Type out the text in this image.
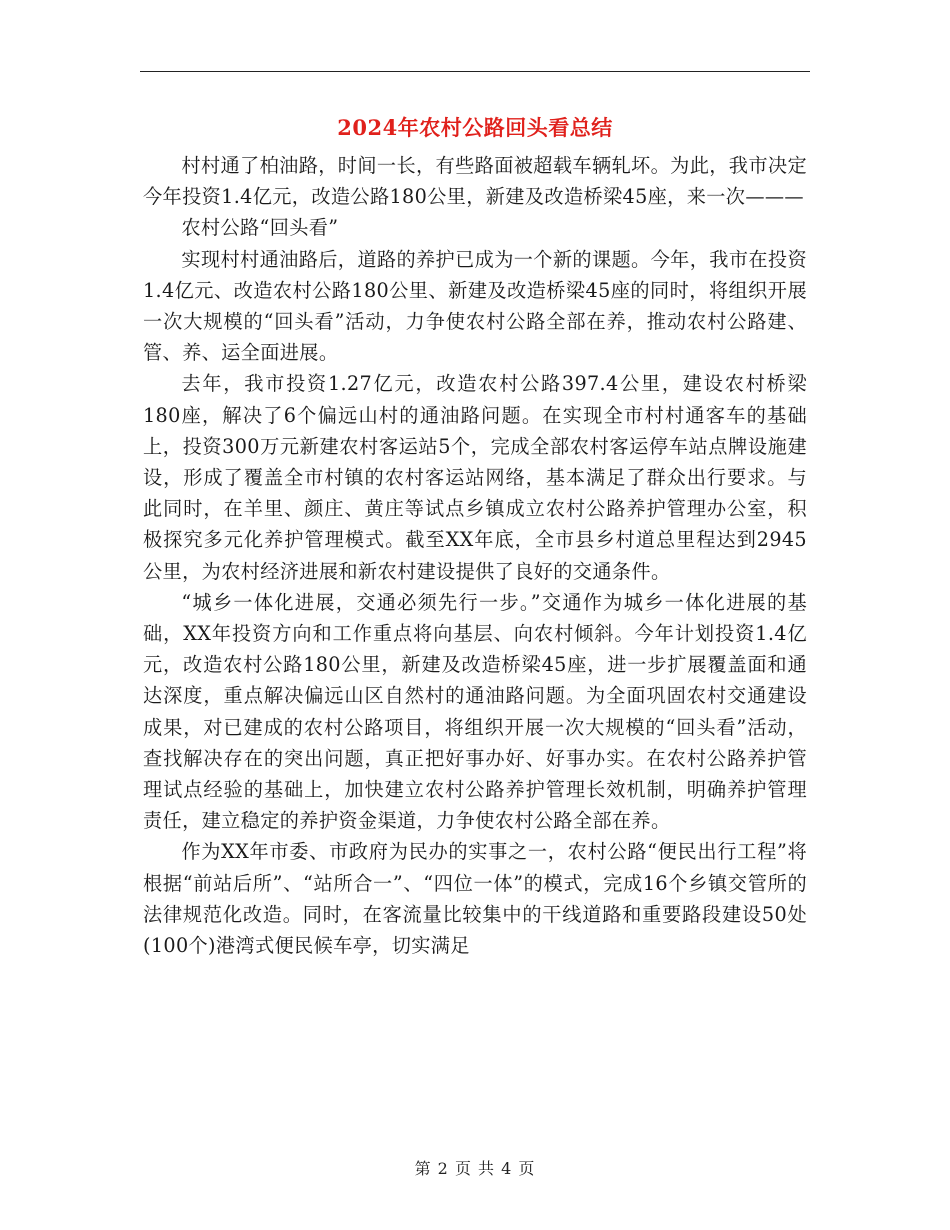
2024年农村公路回头看总结

村村通了柏油路，时间一长，有些路面被超载车辆轧坏。为此，我市决定今年投资1.4亿元，改造公路180公里，新建及改造桥梁45座，来一次———

农村公路“回头看”

实现村村通油路后，道路的养护已成为一个新的课题。今年，我市在投资1.4亿元、改造农村公路180公里、新建及改造桥梁45座的同时，将组织开展一次大规模的“回头看”活动，力争使农村公路全部在养，推动农村公路建、管、养、运全面进展。

去年，我市投资1.27亿元，改造农村公路397.4公里，建设农村桥梁180座，解决了6个偏远山村的通油路问题。在实现全市村村通客车的基础上，投资300万元新建农村客运站5个，完成全部农村客运停车站点牌设施建设，形成了覆盖全市村镇的农村客运站网络，基本满足了群众出行要求。与此同时，在羊里、颜庄、黄庄等试点乡镇成立农村公路养护管理办公室，积极探究多元化养护管理模式。截至XX年底，全市县乡村道总里程达到2945公里，为农村经济进展和新农村建设提供了良好的交通条件。

“城乡一体化进展，交通必须先行一步。”交通作为城乡一体化进展的基础，XX年投资方向和工作重点将向基层、向农村倾斜。今年计划投资1.4亿元，改造农村公路180公里，新建及改造桥梁45座，进一步扩展覆盖面和通达深度，重点解决偏远山区自然村的通油路问题。为全面巩固农村交通建设成果，对已建成的农村公路项目，将组织开展一次大规模的“回头看”活动，查找解决存在的突出问题，真正把好事办好、好事办实。在农村公路养护管理试点经验的基础上，加快建立农村公路养护管理长效机制，明确养护管理责任，建立稳定的养护资金渠道，力争使农村公路全部在养。

作为XX年市委、市政府为民办的实事之一，农村公路“便民出行工程”将根据“前站后所”、“站所合一”、“四位一体”的模式，完成16个乡镇交管所的法律规范化改造。同时，在客流量比较集中的干线道路和重要路段建设50处(100个)港湾式便民候车亭，切实满足

第 2 页 共 4 页
